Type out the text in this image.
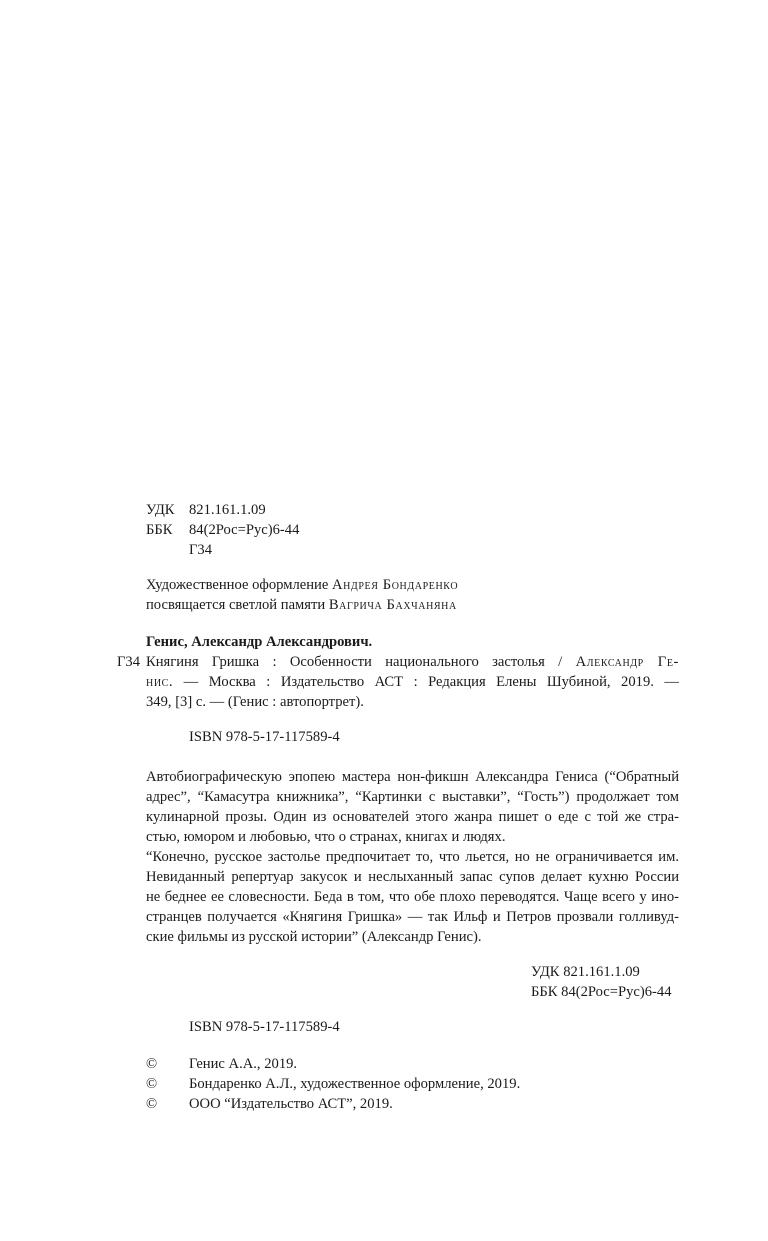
УДК 821.161.1.09
ББК 84(2Рос=Рус)6-44
Г34
Художественное оформление Андрея Бондаренко
посвящается светлой памяти Вагрича Бахчаняна
Генис, Александр Александрович.
Г34 Княгиня Гришка : Особенности национального застолья / Александр Ге-
нис. — Москва : Издательство АСТ : Редакция Елены Шубиной, 2019. —
349, [3] с. — (Генис : автопортрет).
ISBN 978-5-17-117589-4
Автобиографическую эпопею мастера нон-фикшн Александра Гениса (“Обратный
адрес”, “Камасутра книжника”, “Картинки с выставки”, “Гость”) продолжает том
кулинарной прозы. Один из основателей этого жанра пишет о еде с той же стра-
стью, юмором и любовью, что о странах, книгах и людях.
“Конечно, русское застолье предпочитает то, что льется, но не ограничивается им.
Невиданный репертуар закусок и неслыханный запас супов делает кухню России
не беднее ее словесности. Беда в том, что обе плохо переводятся. Чаще всего у ино-
странцев получается «Княгиня Гришка» — так Ильф и Петров прозвали голливуд-
ские фильмы из русской истории” (Александр Генис).
УДК 821.161.1.09
ББК 84(2Рос=Рус)6-44
ISBN 978-5-17-117589-4
© Генис А.А., 2019.
© Бондаренко А.Л., художественное оформление, 2019.
© ООО “Издательство АСТ”, 2019.
